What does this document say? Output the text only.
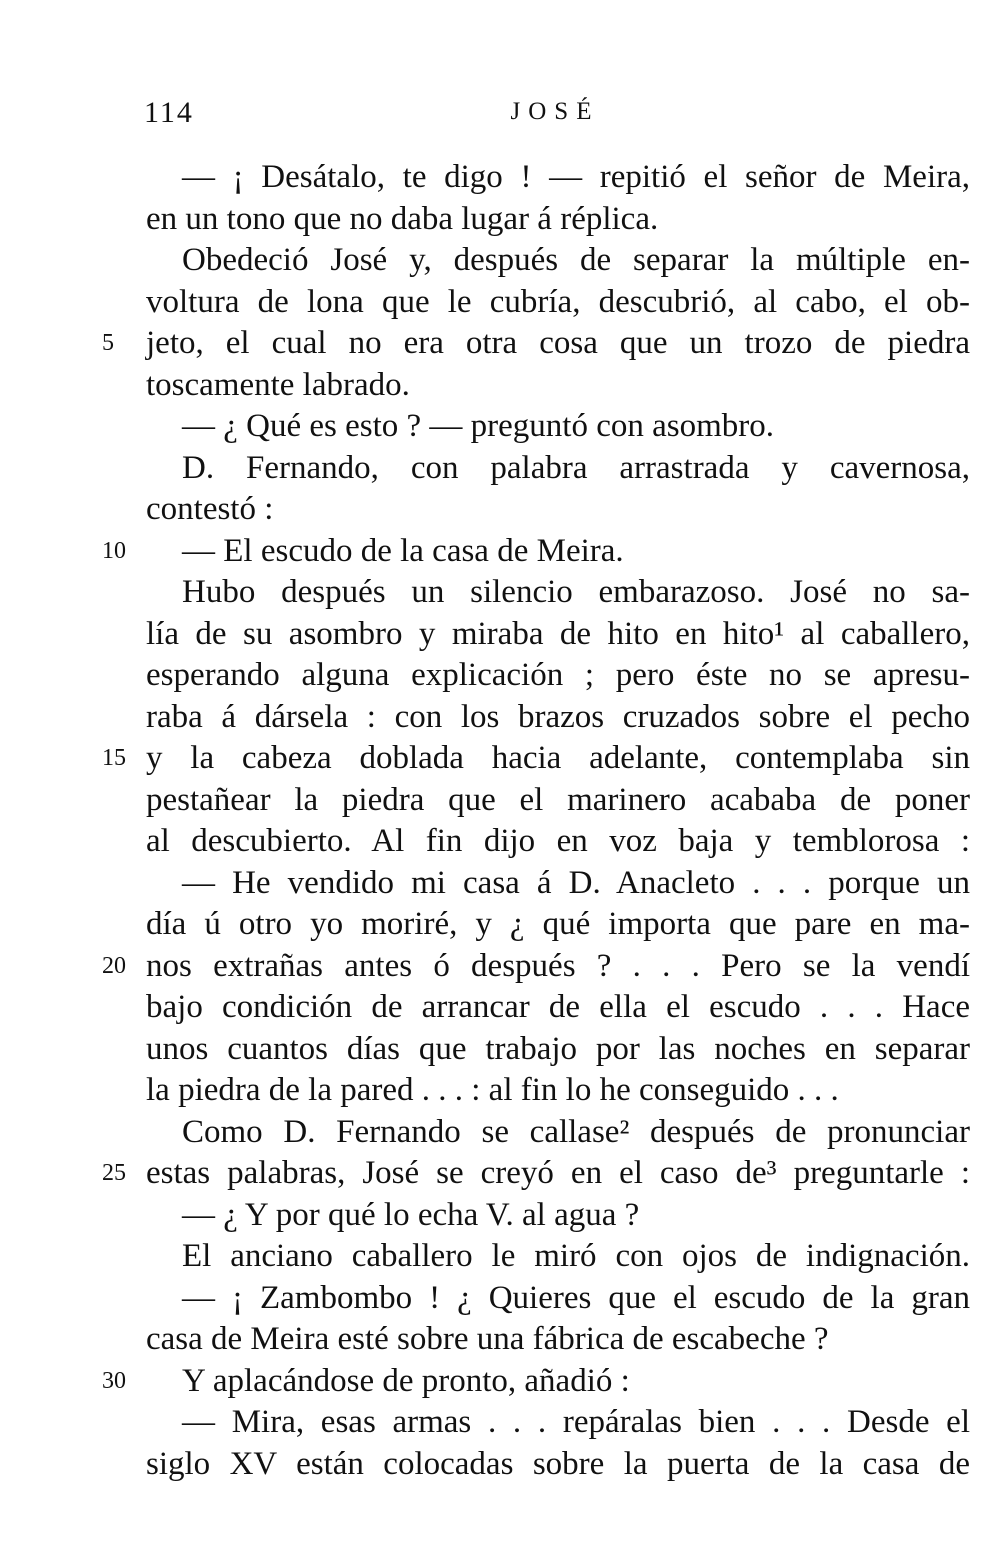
114	JOSÉ
— ¡ Desátalo, te digo ! — repitió el señor de Meira,
en un tono que no daba lugar á réplica.
Obedeció José y, después de separar la múltiple en-
voltura de lona que le cubría, descubrió, al cabo, el ob-
5 jeto, el cual no era otra cosa que un trozo de piedra
toscamente labrado.
— ¿ Qué es esto ? — preguntó con asombro.
D. Fernando, con palabra arrastrada y cavernosa,
contestó :
10 — El escudo de la casa de Meira.
Hubo después un silencio embarazoso. José no sa-
lía de su asombro y miraba de hito en hito¹ al caballero,
esperando alguna explicación ; pero éste no se apresu-
raba á dársela : con los brazos cruzados sobre el pecho
15 y la cabeza doblada hacia adelante, contemplaba sin
pestañear la piedra que el marinero acababa de poner
al descubierto. Al fin dijo en voz baja y temblorosa :
— He vendido mi casa á D. Anacleto . . . porque un
día ú otro yo moriré, y ¿ qué importa que pare en ma-
20 nos extrañas antes ó después ? . . . Pero se la vendí
bajo condición de arrancar de ella el escudo . . . Hace
unos cuantos días que trabajo por las noches en separar
la piedra de la pared . . . : al fin lo he conseguido . . .
Como D. Fernando se callase² después de pronunciar
25 estas palabras, José se creyó en el caso de³ preguntarle :
— ¿ Y por qué lo echa V. al agua ?
El anciano caballero le miró con ojos de indignación.
— ¡ Zambombo ! ¿ Quieres que el escudo de la gran
casa de Meira esté sobre una fábrica de escabeche ?
30 Y aplacándose de pronto, añadió :
— Mira, esas armas . . . repáralas bien . . . Desde el
siglo XV están colocadas sobre la puerta de la casa de
